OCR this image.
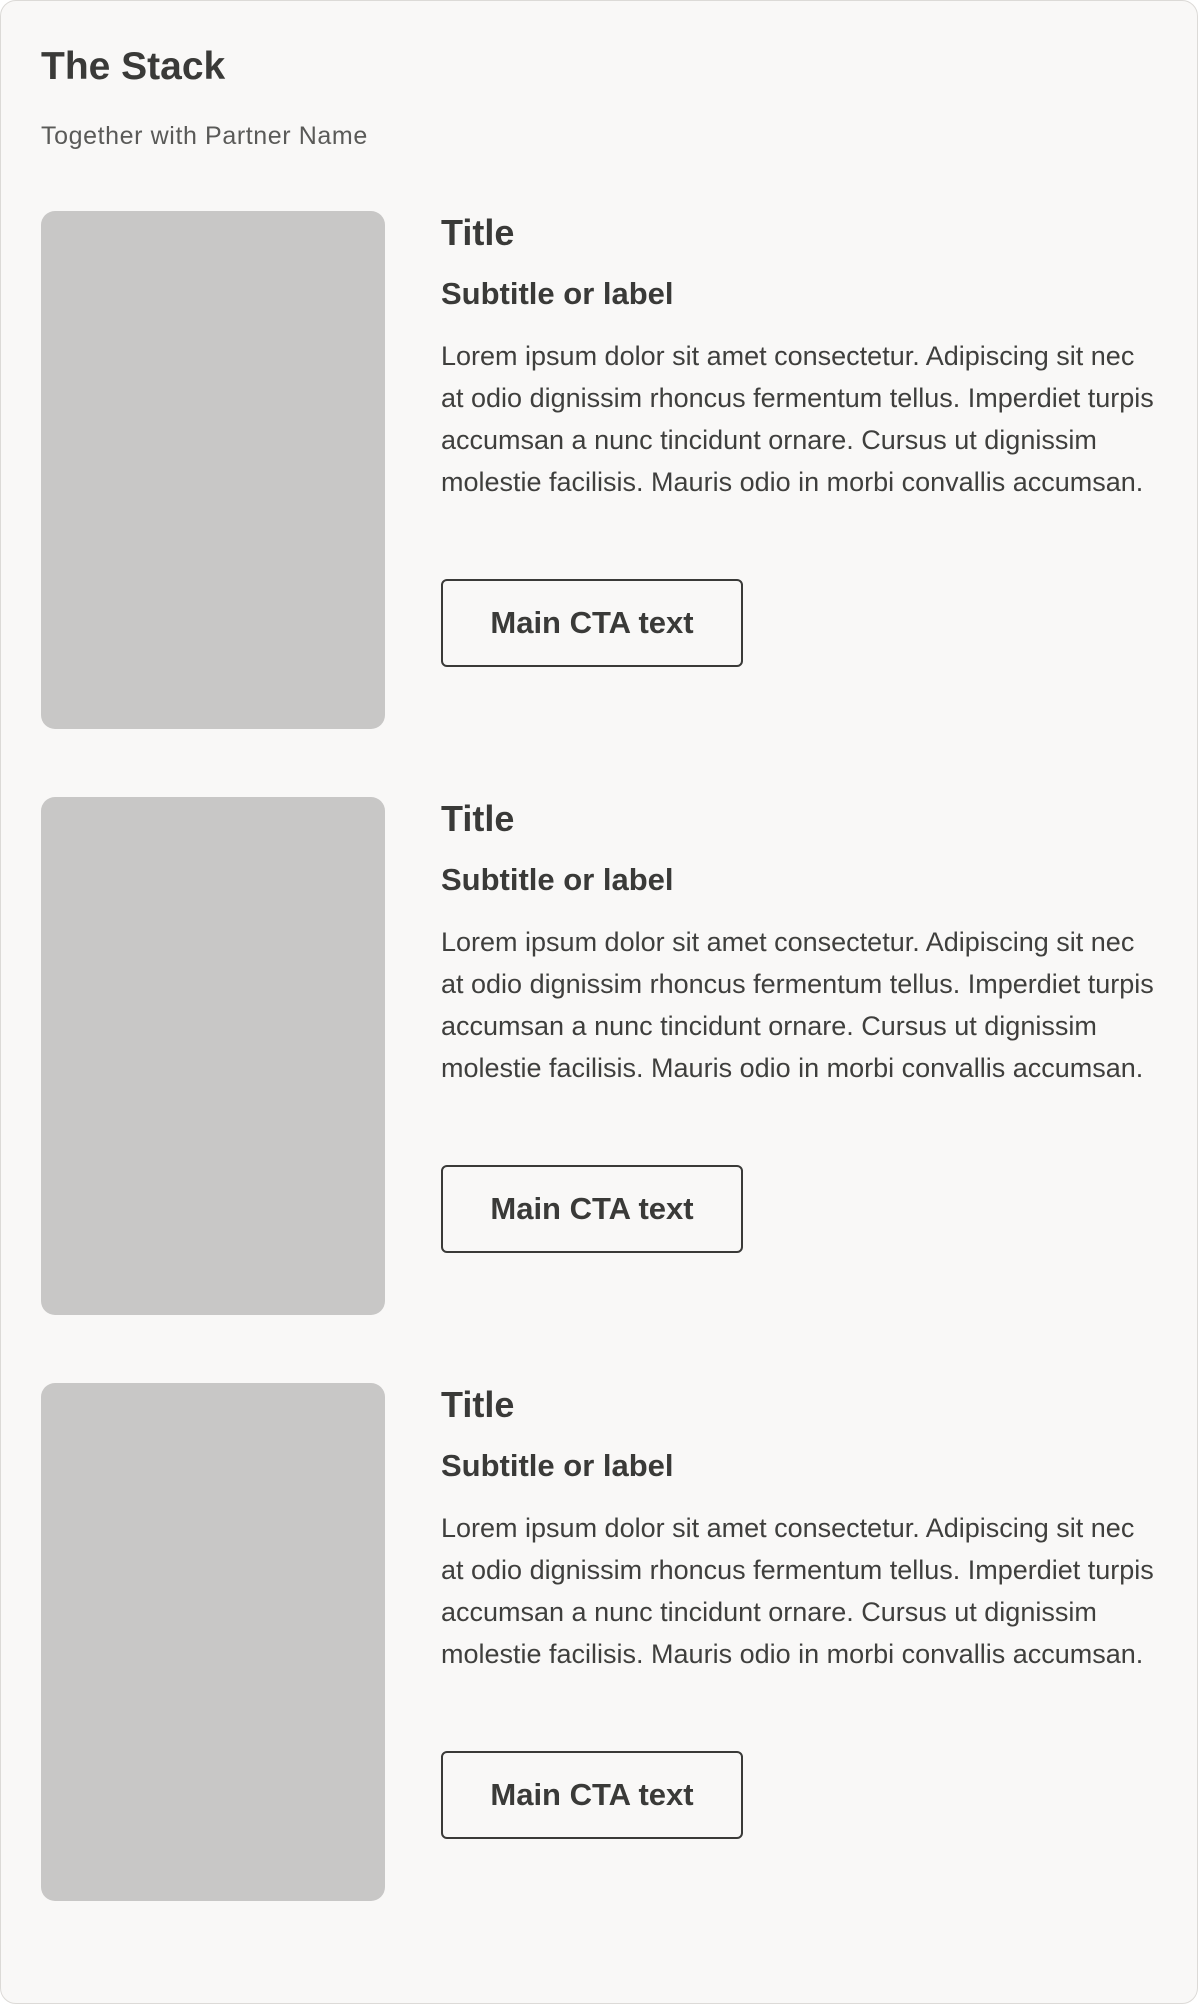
The Stack

Together with Partner Name

Title
Subtitle or label

Lorem ipsum dolor sit amet consectetur. Adipiscing sit nec at odio dignissim rhoncus fermentum tellus. Imperdiet turpis accumsan a nunc tincidunt ornare. Cursus ut dignissim molestie facilisis. Mauris odio in morbi convallis accumsan.

Main CTA text
Title
Subtitle or label

Lorem ipsum dolor sit amet consectetur. Adipiscing sit nec at odio dignissim rhoncus fermentum tellus. Imperdiet turpis accumsan a nunc tincidunt ornare. Cursus ut dignissim molestie facilisis. Mauris odio in morbi convallis accumsan.

Main CTA text
Title
Subtitle or label

Lorem ipsum dolor sit amet consectetur. Adipiscing sit nec at odio dignissim rhoncus fermentum tellus. Imperdiet turpis accumsan a nunc tincidunt ornare. Cursus ut dignissim molestie facilisis. Mauris odio in morbi convallis accumsan.

Main CTA text
